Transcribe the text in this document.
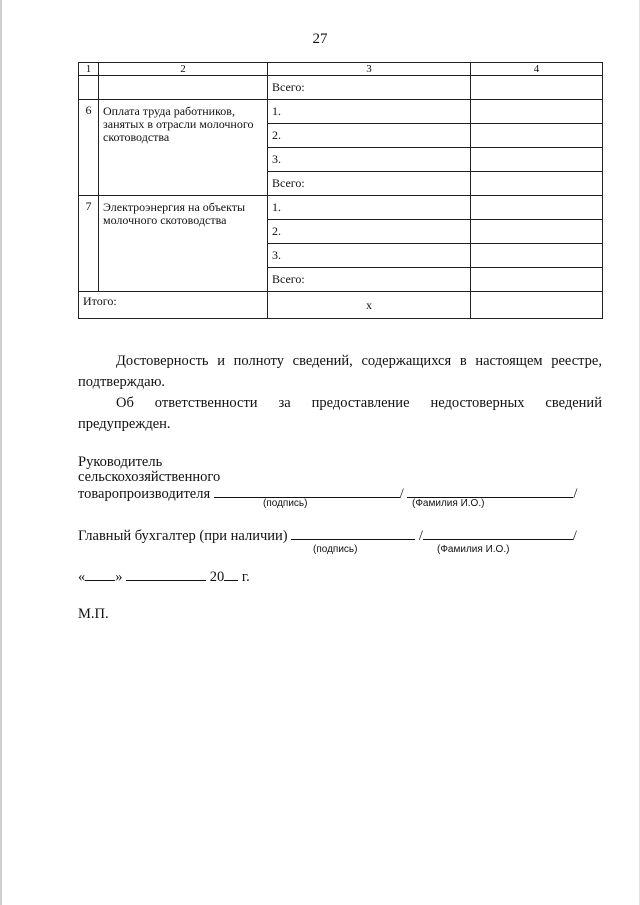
27
1	2	3	4
		Всего:	
6	Оплата труда работников, занятых в отрасли молочного скотоводства	1.	
		2.	
		3.	
		Всего:	
7	Электроэнергия на объекты молочного скотоводства	1.	
		2.	
		3.	
		Всего:	
Итого:		х	
Достоверность и полноту сведений, содержащихся в настоящем реестре, подтверждаю.
Об ответственности за предоставление недостоверных сведений
предупрежден.
Руководитель
сельскохозяйственного
товаропроизводителя	/	/
(подпись)	(Фамилия И.О.)
Главный бухгалтер (при наличии)	/	/
(подпись)	(Фамилия И.О.)
« »	20 г.
М.П.
